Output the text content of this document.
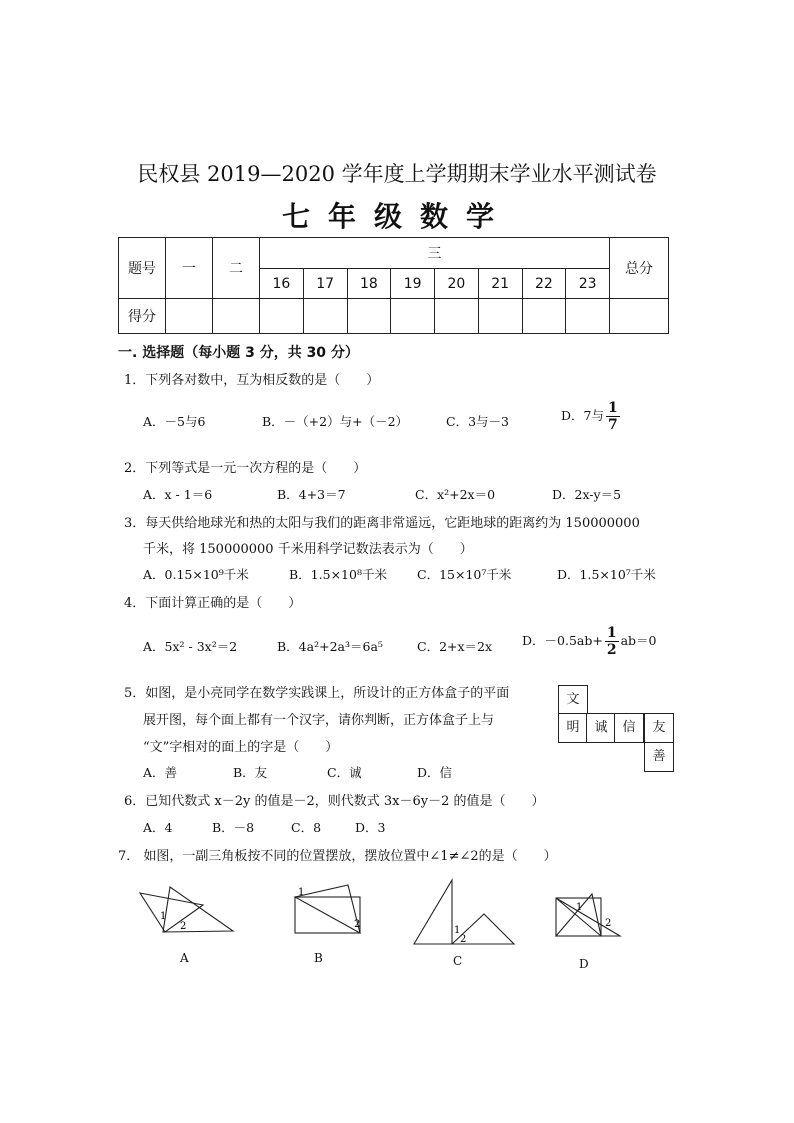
民权县 2019—2020 学年度上学期期末学业水平测试卷
七年级数学
题号	一	二	三								总分
			16	17	18	19	20	21	22	23	
得分											
一. 选择题（每小题 3 分，共 30 分）
1．下列各对数中，互为相反数的是（　　）
A．－5与6	B．－（+2）与+（－2）	C．3与－3	D．7与 $\frac{1}{7}$
2．下列等式是一元一次方程的是（　　）
A．x - 1＝6	B．4+3＝7	C．x²+2x＝0	D．2x-y＝5
3．每天供给地球光和热的太阳与我们的距离非常遥远，它距地球的距离约为 150000000
千米，将 150000000 千米用科学记数法表示为（　　）
A．0.15×10⁹千米	B．1.5×10⁸千米 C．15×10⁷千米	D．1.5×10⁷千米
4．下面计算正确的是（　　）
A．5x² - 3x²＝2	B．4a²+2a³＝6a⁵	C．2+x＝2x D．$-0.5ab+ \frac{1}{2} ab=0$
5．如图，是小亮同学在数学实践课上，所设计的正方体盒子的平面
展开图，每个面上都有一个汉字，请你判断，正方体盒子上与
“文”字相对的面上的字是（　　）
A．善	B．友	C．诚	D．信
文
明	诚	信	友
善
6．已知代数式 x－2y 的值是－2，则代数式 3x－6y－2 的值是（　　）
A．4	B．－8	C．8	D．3
7． 如图，一副三角板按不同的位置摆放，摆放位置中∠1≠∠2的是（　　）
1
2
A
1
2
B
1
2
C
1
2
D
